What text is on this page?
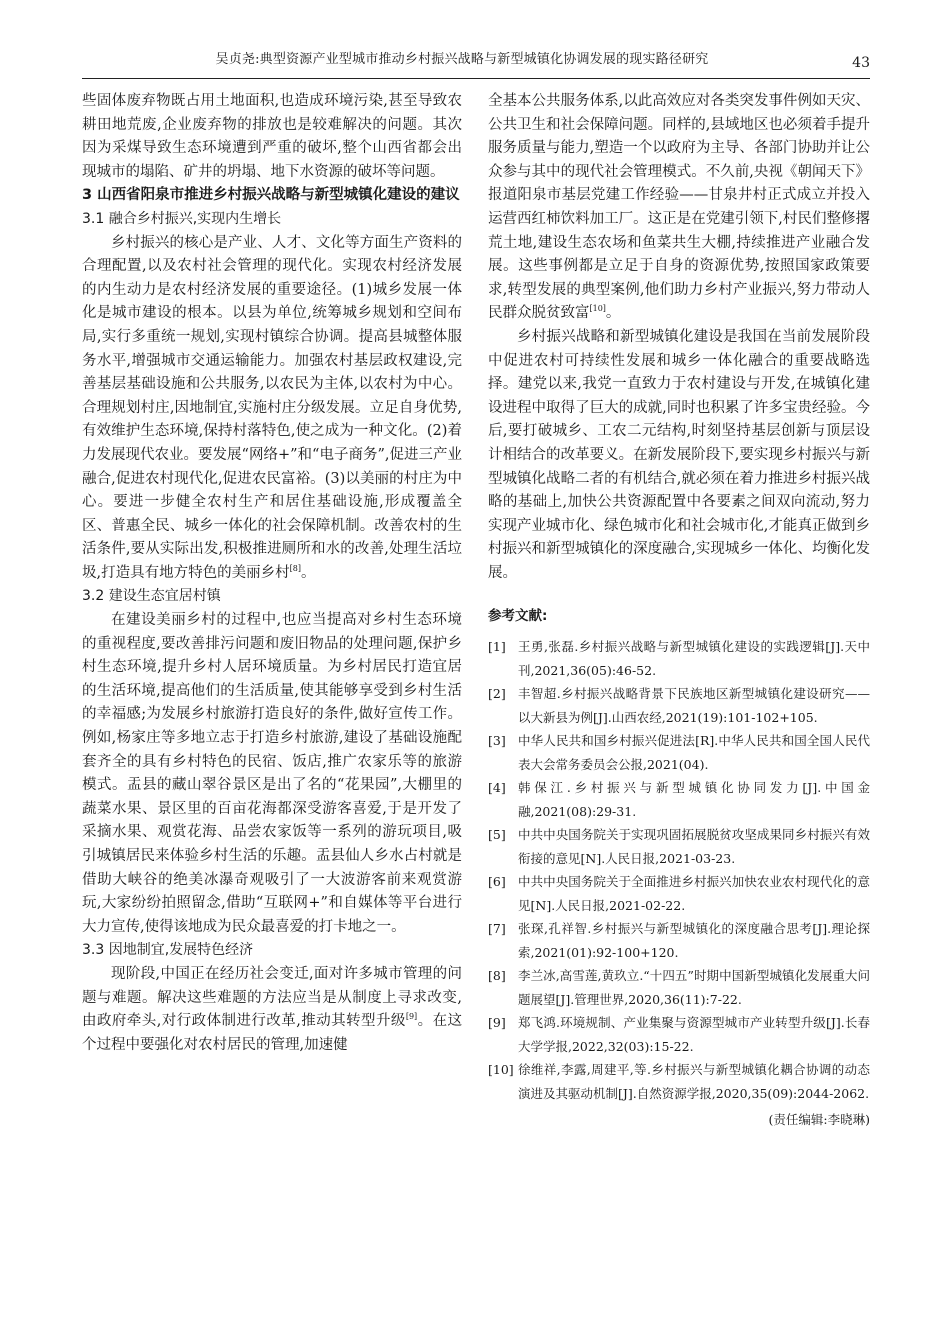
吴贞尧:典型资源产业型城市推动乡村振兴战略与新型城镇化协调发展的现实路径研究	43

些固体废弃物既占用土地面积,也造成环境污染,甚至导致农耕田地荒废,企业废弃物的排放也是较难解决的问题。其次因为采煤导致生态环境遭到严重的破坏,整个山西省都会出现城市的塌陷、矿井的坍塌、地下水资源的破坏等问题。

3 山西省阳泉市推进乡村振兴战略与新型城镇化建设的建议

3.1 融合乡村振兴,实现内生增长

乡村振兴的核心是产业、人才、文化等方面生产资料的合理配置,以及农村社会管理的现代化。实现农村经济发展的内生动力是农村经济发展的重要途径。(1)城乡发展一体化是城市建设的根本。以县为单位,统筹城乡规划和空间布局,实行多重统一规划,实现村镇综合协调。提高县城整体服务水平,增强城市交通运输能力。加强农村基层政权建设,完善基层基础设施和公共服务,以农民为主体,以农村为中心。合理规划村庄,因地制宜,实施村庄分级发展。立足自身优势,有效维护生态环境,保持村落特色,使之成为一种文化。(2)着力发展现代农业。要发展“网络+”和“电子商务”,促进三产业融合,促进农村现代化,促进农民富裕。(3)以美丽的村庄为中心。要进一步健全农村生产和居住基础设施,形成覆盖全区、普惠全民、城乡一体化的社会保障机制。改善农村的生活条件,要从实际出发,积极推进厕所和水的改善,处理生活垃圾,打造具有地方特色的美丽乡村[8]。

3.2 建设生态宜居村镇

在建设美丽乡村的过程中,也应当提高对乡村生态环境的重视程度,要改善排污问题和废旧物品的处理问题,保护乡村生态环境,提升乡村人居环境质量。为乡村居民打造宜居的生活环境,提高他们的生活质量,使其能够享受到乡村生活的幸福感;为发展乡村旅游打造良好的条件,做好宣传工作。例如,杨家庄等多地立志于打造乡村旅游,建设了基础设施配套齐全的具有乡村特色的民宿、饭店,推广农家乐等的旅游模式。盂县的藏山翠谷景区是出了名的“花果园”,大棚里的蔬菜水果、景区里的百亩花海都深受游客喜爱,于是开发了采摘水果、观赏花海、品尝农家饭等一系列的游玩项目,吸引城镇居民来体验乡村生活的乐趣。盂县仙人乡水占村就是借助大峡谷的绝美冰瀑奇观吸引了一大波游客前来观赏游玩,大家纷纷拍照留念,借助“互联网+”和自媒体等平台进行大力宣传,使得该地成为民众最喜爱的打卡地之一。

3.3 因地制宜,发展特色经济

现阶段,中国正在经历社会变迁,面对许多城市管理的问题与难题。解决这些难题的方法应当是从制度上寻求改变,由政府牵头,对行政体制进行改革,推动其转型升级[9]。在这个过程中要强化对农村居民的管理,加速健

全基本公共服务体系,以此高效应对各类突发事件例如天灾、公共卫生和社会保障问题。同样的,县域地区也必须着手提升服务质量与能力,塑造一个以政府为主导、各部门协助并让公众参与其中的现代社会管理模式。不久前,央视《朝闻天下》报道阳泉市基层党建工作经验——甘泉井村正式成立并投入运营西红柿饮料加工厂。这正是在党建引领下,村民们整修撂荒土地,建设生态农场和鱼菜共生大棚,持续推进产业融合发展。这些事例都是立足于自身的资源优势,按照国家政策要求,转型发展的典型案例,他们助力乡村产业振兴,努力带动人民群众脱贫致富[10]。

乡村振兴战略和新型城镇化建设是我国在当前发展阶段中促进农村可持续性发展和城乡一体化融合的重要战略选择。建党以来,我党一直致力于农村建设与开发,在城镇化建设进程中取得了巨大的成就,同时也积累了许多宝贵经验。今后,要打破城乡、工农二元结构,时刻坚持基层创新与顶层设计相结合的改革要义。在新发展阶段下,要实现乡村振兴与新型城镇化战略二者的有机结合,就必须在着力推进乡村振兴战略的基础上,加快公共资源配置中各要素之间双向流动,努力实现产业城市化、绿色城市化和社会城市化,才能真正做到乡村振兴和新型城镇化的深度融合,实现城乡一体化、均衡化发展。

参考文献:
[1] 王勇,张磊.乡村振兴战略与新型城镇化建设的实践逻辑[J].天中刊,2021,36(05):46-52.
[2] 丰智超.乡村振兴战略背景下民族地区新型城镇化建设研究——以大新县为例[J].山西农经,2021(19):101-102+105.
[3] 中华人民共和国乡村振兴促进法[R].中华人民共和国全国人民代表大会常务委员会公报,2021(04).
[4] 韩保江.乡村振兴与新型城镇化协同发力[J].中国金融,2021(08):29-31.
[5] 中共中央国务院关于实现巩固拓展脱贫攻坚成果同乡村振兴有效衔接的意见[N].人民日报,2021-03-23.
[6] 中共中央国务院关于全面推进乡村振兴加快农业农村现代化的意见[N].人民日报,2021-02-22.
[7] 张琛,孔祥智.乡村振兴与新型城镇化的深度融合思考[J].理论探索,2021(01):92-100+120.
[8] 李兰冰,高雪莲,黄玖立.“十四五”时期中国新型城镇化发展重大问题展望[J].管理世界,2020,36(11):7-22.
[9] 郑飞鸿.环境规制、产业集聚与资源型城市产业转型升级[J].长春大学学报,2022,32(03):15-22.
[10] 徐维祥,李露,周建平,等.乡村振兴与新型城镇化耦合协调的动态演进及其驱动机制[J].自然资源学报,2020,35(09):2044-2062.
(责任编辑:李晓琳)
